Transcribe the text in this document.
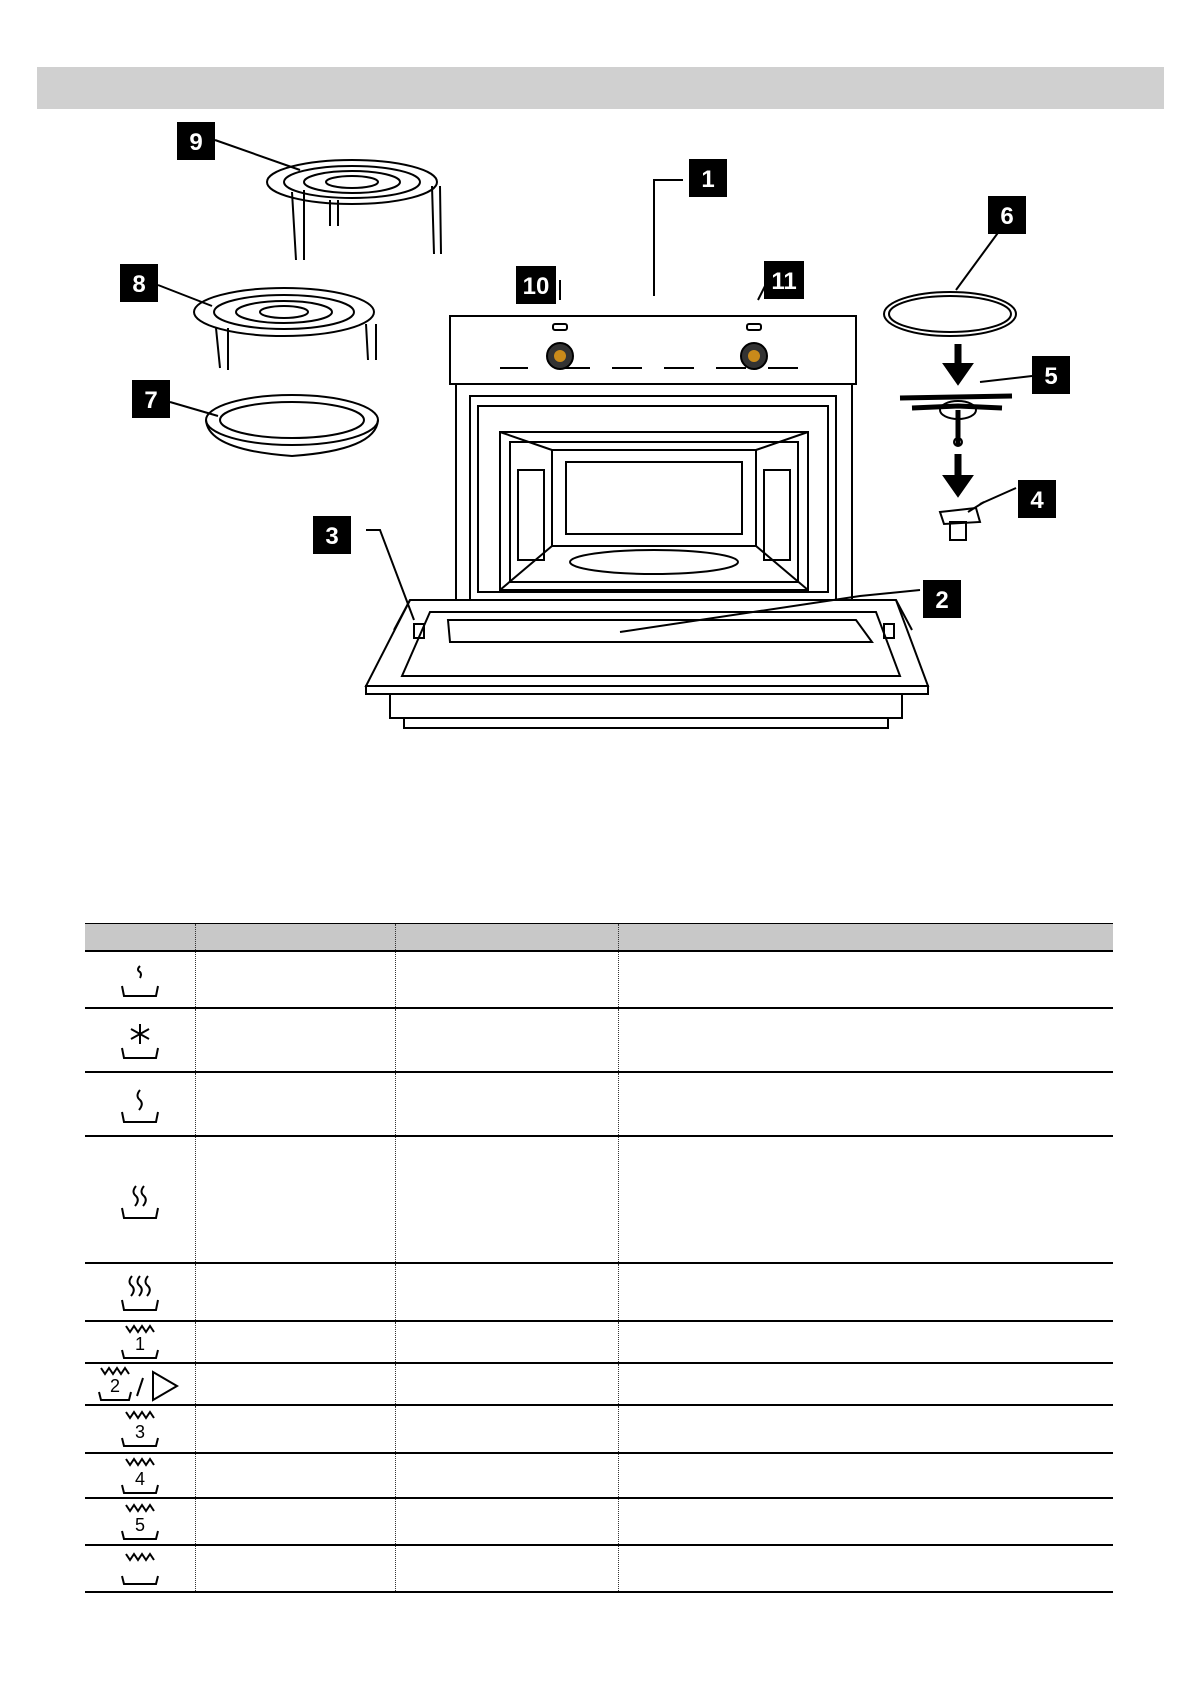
1
2
3
4
5
6
7
8
9
10	11

1			

2			

3			

4			

5			
